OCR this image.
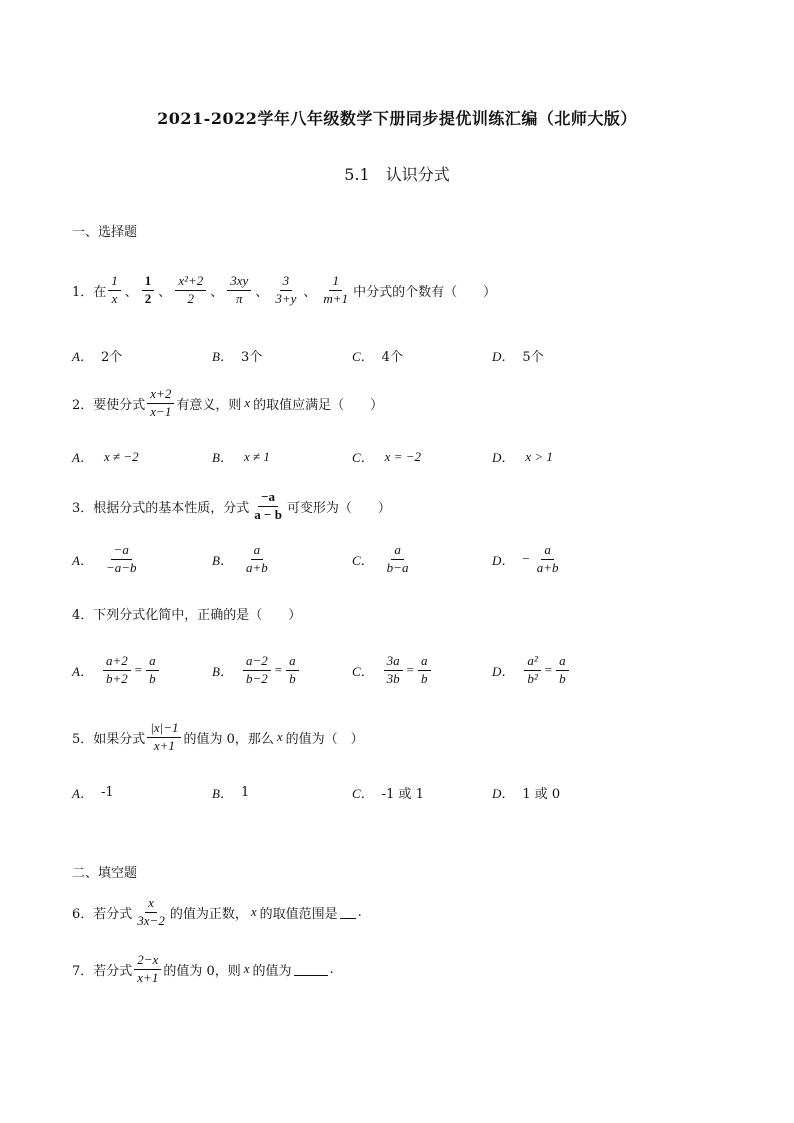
2021-2022学年八年级数学下册同步提优训练汇编（北师大版）
5.1　认识分式
一、选择题
1．在 $\frac{1}{x}$ 、 $\frac{1}{2}$ 、 $\frac{\text{x²+2}}{2}$ 、 $\frac{3xy}{\pi}$ 、 $\frac{3}{3+y}$ 、 $\frac{1}{m+1}$ 中分式的个数有（　　）
A． 2个	B． 3个	C． 4个	D． 5个
2．要使分式 $\frac{x+2}{x-1}$ 有意义，则 x 的取值应满足（　　）
A． x ≠ −2	B． x ≠ 1	C． x = −2	D． x > 1
3．根据分式的基本性质，分式 $\frac{-a}{a - b}$ 可变形为（　　）
A． $\frac{-a}{-a-b}$	B． $\frac{a}{a+b}$	C． $\frac{a}{b-a}$	D． − $\frac{a}{a+b}$
4．下列分式化简中，正确的是（　　）
A． $\frac{a+2}{b+2} = \frac{a}{b}$	B． $\frac{a-2}{b-2} = \frac{a}{b}$	C． $\frac{3a}{3b} = \frac{a}{b}$	D． $\frac{\text{a²}}{\text{b²}} = \frac{a}{b}$
5．如果分式 $\frac{|x|-1}{x+1}$ 的值为 0，那么 x 的值为（　）
A． -1	B． 1	C． -1 或 1	D． 1 或 0
二、填空题
6．若分式 $\frac{x}{3x-2}$ 的值为正数， x 的取值范围是 .
7．若分式 $\frac{2-x}{x+1}$ 的值为 0，则 x 的值为	.
